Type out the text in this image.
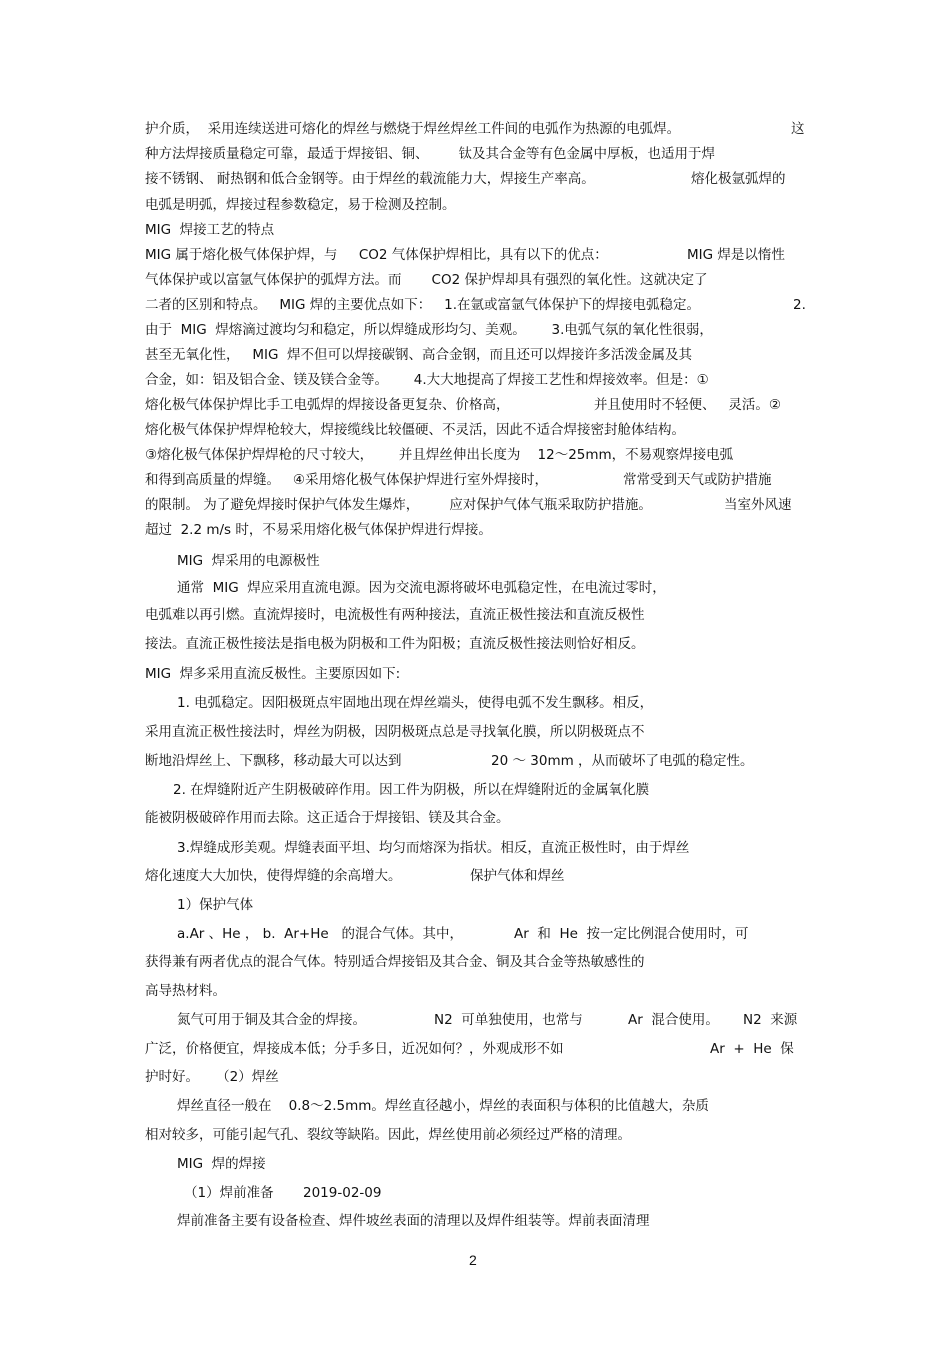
护介质，  采用连续送进可熔化的焊丝与燃烧于焊丝焊丝工件间的电弧作为热源的电弧焊。	这
种方法焊接质量稳定可靠，最适于焊接铝、铜、       钛及其合金等有色金属中厚板，也适用于焊
接不锈钢、 耐热钢和低合金钢等。由于焊丝的载流能力大，焊接生产率高。	熔化极氩弧焊的
电弧是明弧，焊接过程参数稳定，易于检测及控制。
MIG  焊接工艺的特点
MIG 属于熔化极气体保护焊，与     CO2 气体保护焊相比，具有以下的优点：	MIG 焊是以惰性
气体保护或以富氩气体保护的弧焊方法。而       CO2 保护焊却具有强烈的氧化性。这就决定了
二者的区别和特点。   MIG 焊的主要优点如下：   1.在氩或富氩气体保护下的焊接电弧稳定。	2.
由于  MIG  焊熔滴过渡均匀和稳定，所以焊缝成形均匀、美观。      3.电弧气氛的氧化性很弱，
甚至无氧化性，   MIG  焊不但可以焊接碳钢、高合金钢，而且还可以焊接许多活泼金属及其
合金，如：铝及铝合金、镁及镁合金等。      4.大大地提高了焊接工艺性和焊接效率。但是：①
熔化极气体保护焊比手工电弧焊的焊接设备更复杂、价格高，	并且使用时不轻便、   灵活。②
熔化极气体保护焊焊枪较大，焊接缆线比较僵硬、不灵活，因此不适合焊接密封舱体结构。
③熔化极气体保护焊焊枪的尺寸较大，      并且焊丝伸出长度为    12～25mm，不易观察焊接电弧
和得到高质量的焊缝。   ④采用熔化极气体保护焊进行室外焊接时，	常常受到天气或防护措施
的限制。 为了避免焊接时保护气体发生爆炸，       应对保护气体气瓶采取防护措施。	当室外风速
超过  2.2 m/s 时，不易采用熔化极气体保护焊进行焊接。
MIG  焊采用的电源极性
通常  MIG  焊应采用直流电源。因为交流电源将破坏电弧稳定性，在电流过零时，
电弧难以再引燃。直流焊接时，电流极性有两种接法，直流正极性接法和直流反极性
接法。直流正极性接法是指电极为阴极和工件为阳极；直流反极性接法则恰好相反。
MIG  焊多采用直流反极性。主要原因如下:
1. 电弧稳定。因阳极斑点牢固地出现在焊丝端头，使得电弧不发生飘移。相反，
采用直流正极性接法时，焊丝为阴极，因阴极斑点总是寻找氧化膜，所以阴极斑点不
断地沿焊丝上、下飘移，移动最大可以达到	20 ～ 30mm ，从而破坏了电弧的稳定性。
2. 在焊缝附近产生阴极破碎作用。因工件为阴极，所以在焊缝附近的金属氧化膜
能被阴极破碎作用而去除。这正适合于焊接铝、镁及其合金。
3.焊缝成形美观。焊缝表面平坦、均匀而熔深为指状。相反，直流正极性时，由于焊丝
熔化速度大大加快，使得焊缝的余高增大。	保护气体和焊丝
1）保护气体
a.Ar 、He ， b.  Ar+He   的混合气体。其中，	Ar  和  He  按一定比例混合使用时，可
获得兼有两者优点的混合气体。特别适合焊接铝及其合金、铜及其合金等热敏感性的
高导热材料。
氮气可用于铜及其合金的焊接。	N2  可单独使用，也常与	Ar  混合使用。 N2  来源
广泛，价格便宜，焊接成本低；分手多日，近况如何？，外观成形不如	Ar  +  He  保
护时好。    （2）焊丝
焊丝直径一般在    0.8～2.5mm。焊丝直径越小，焊丝的表面积与体积的比值越大，杂质
相对较多，可能引起气孔、裂纹等缺陷。因此，焊丝使用前必须经过严格的清理。
MIG  焊的焊接
（1）焊前准备 2019-02-09
焊前准备主要有设备检查、焊件坡丝表面的清理以及焊件组装等。焊前表面清理
2
